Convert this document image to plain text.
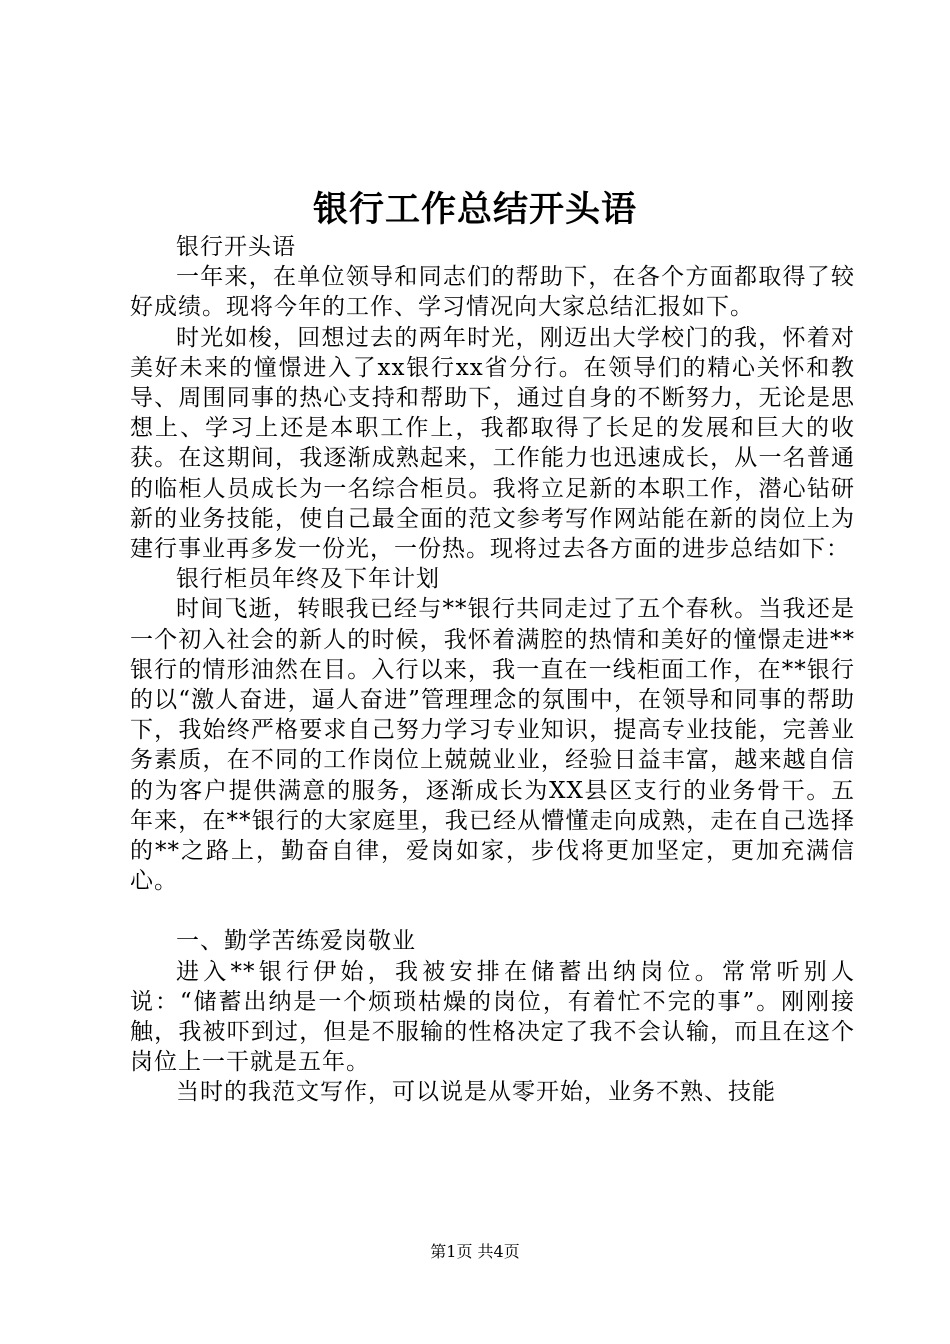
银行工作总结开头语

银行开头语

一年来，在单位领导和同志们的帮助下，在各个方面都取得了较好成绩。现将今年的工作、学习情况向大家总结汇报如下。

时光如梭，回想过去的两年时光，刚迈出大学校门的我，怀着对美好未来的憧憬进入了xx银行xx省分行。在领导们的精心关怀和教导、周围同事的热心支持和帮助下，通过自身的不断努力，无论是思想上、学习上还是本职工作上，我都取得了长足的发展和巨大的收获。在这期间，我逐渐成熟起来，工作能力也迅速成长，从一名普通的临柜人员成长为一名综合柜员。我将立足新的本职工作，潜心钻研新的业务技能，使自己最全面的范文参考写作网站能在新的岗位上为建行事业再多发一份光，一份热。现将过去各方面的进步总结如下：

银行柜员年终及下年计划

时间飞逝，转眼我已经与**银行共同走过了五个春秋。当我还是一个初入社会的新人的时候，我怀着满腔的热情和美好的憧憬走进**银行的情形油然在目。入行以来，我一直在一线柜面工作，在**银行的以“激人奋进，逼人奋进”管理理念的氛围中，在领导和同事的帮助下，我始终严格要求自己努力学习专业知识，提高专业技能，完善业务素质，在不同的工作岗位上兢兢业业，经验日益丰富，越来越自信的为客户提供满意的服务，逐渐成长为XX县区支行的业务骨干。五年来，在**银行的大家庭里，我已经从懵懂走向成熟，走在自己选择的**之路上，勤奋自律，爱岗如家，步伐将更加坚定，更加充满信心。

一、勤学苦练爱岗敬业

进入**银行伊始，我被安排在储蓄出纳岗位。常常听别人说：“储蓄出纳是一个烦琐枯燥的岗位，有着忙不完的事”。刚刚接触，我被吓到过，但是不服输的性格决定了我不会认输，而且在这个岗位上一干就是五年。

当时的我范文写作，可以说是从零开始，业务不熟、技能

第1页 共4页
